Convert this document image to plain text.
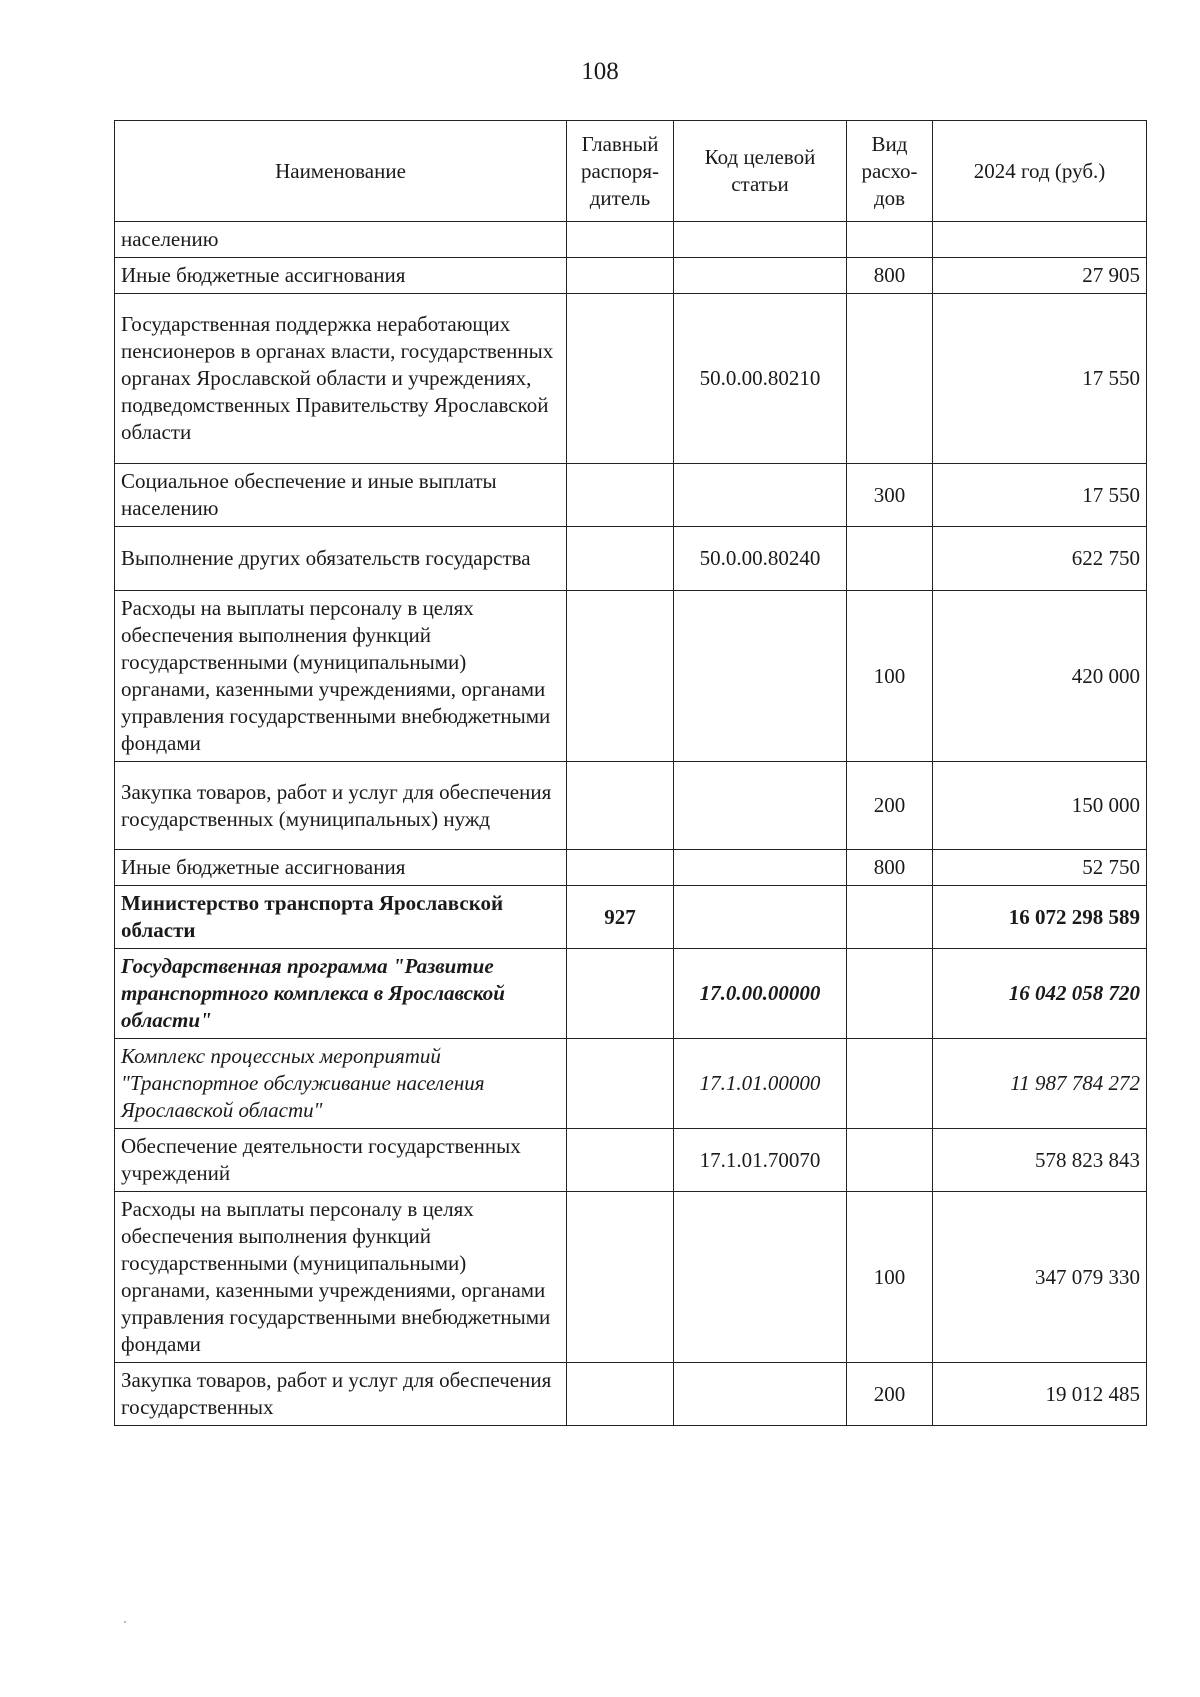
108
Наименование	Главный распоря-дитель	Код целевой статьи	Вид расхо-дов	2024 год (руб.)
населению				
Иные бюджетные ассигнования			800	27 905
Государственная поддержка неработающих пенсионеров в органах власти, государственных органах Ярославской области и учреждениях, подведомственных Правительству Ярославской области		50.0.00.80210		17 550
Социальное обеспечение и иные выплаты населению			300	17 550
Выполнение других обязательств государства		50.0.00.80240		622 750
Расходы на выплаты персоналу в целях обеспечения выполнения функций государственными (муниципальными) органами, казенными учреждениями, органами управления государственными внебюджетными фондами			100	420 000
Закупка товаров, работ и услуг для обеспечения государственных (муниципальных) нужд			200	150 000
Иные бюджетные ассигнования			800	52 750
Министерство транспорта Ярославской области	927			16 072 298 589
Государственная программа "Развитие транспортного комплекса в Ярославской области"		17.0.00.00000		16 042 058 720
Комплекс процессных мероприятий "Транспортное обслуживание населения Ярославской области"		17.1.01.00000		11 987 784 272
Обеспечение деятельности государственных учреждений		17.1.01.70070		578 823 843
Расходы на выплаты персоналу в целях обеспечения выполнения функций государственными (муниципальными) органами, казенными учреждениями, органами управления государственными внебюджетными фондами			100	347 079 330
Закупка товаров, работ и услуг для обеспечения государственных			200	19 012 485
